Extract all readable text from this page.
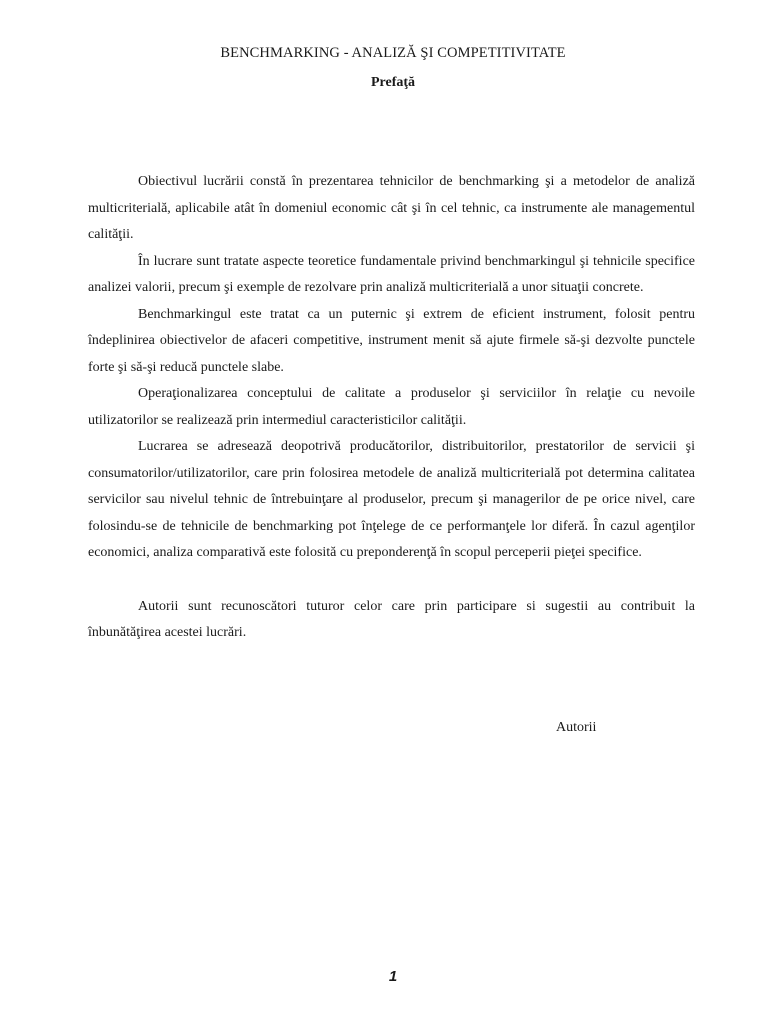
BENCHMARKING - ANALIZĂ ŞI COMPETITIVITATE
Prefaţă

Obiectivul lucrării constă în prezentarea tehnicilor de benchmarking şi a metodelor de analiză multicriterială, aplicabile atât în domeniul economic cât şi în cel tehnic, ca instrumente ale managementul calităţii.

În lucrare sunt tratate aspecte teoretice fundamentale privind benchmarkingul şi tehnicile specifice analizei valorii, precum şi exemple de rezolvare prin analiză multicriterială a unor situaţii concrete.

Benchmarkingul este tratat ca un puternic şi extrem de eficient instrument, folosit pentru îndeplinirea obiectivelor de afaceri competitive, instrument menit să ajute firmele să-şi dezvolte punctele forte şi să-şi reducă punctele slabe.

Operaţionalizarea conceptului de calitate a produselor şi serviciilor în relaţie cu nevoile utilizatorilor se realizează prin intermediul caracteristicilor calităţii.

Lucrarea se adresează deopotrivă producătorilor, distribuitorilor, prestatorilor de servicii şi consumatorilor/utilizatorilor, care prin folosirea metodele de analiză multicriterială pot determina calitatea servicilor sau nivelul tehnic de întrebuinţare al produselor, precum şi managerilor de pe orice nivel, care folosindu-se de tehnicile de benchmarking pot înţelege de ce performanţele lor diferă. În cazul agenţilor economici, analiza comparativă este folosită cu preponderenţă în scopul perceperii pieţei specifice.

Autorii sunt recunoscători tuturor celor care prin participare si sugestii au contribuit la înbunătăţirea acestei lucrări.

Autorii
1
